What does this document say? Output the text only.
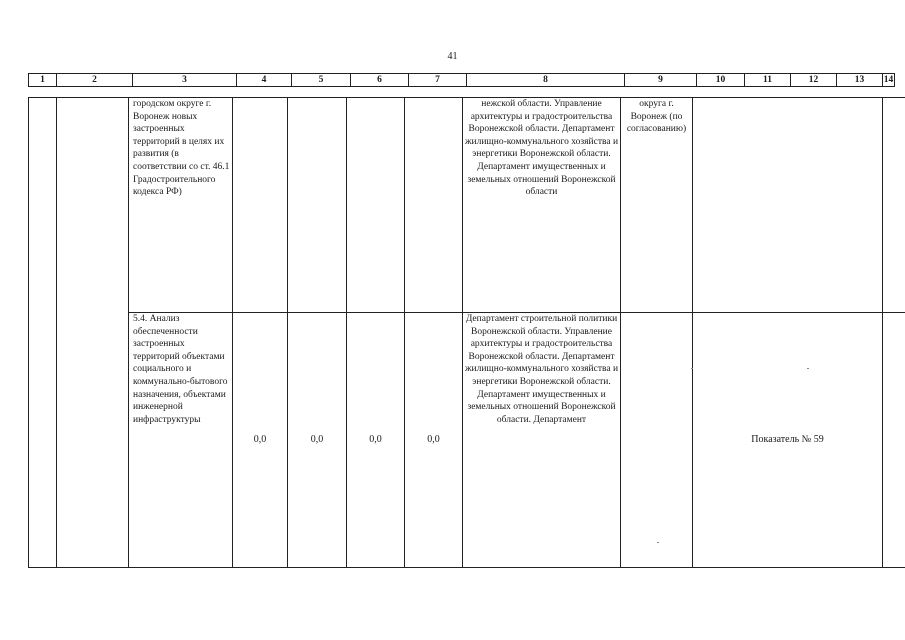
41
1	2	3	4	5	6	7	8	9	10	11	12	13	14
		городском округе г. Воронеж новых застроенных территорий в целях их развития (в соответствии со ст. 46.1 Градостроительного кодекса РФ)					нежской области. Управление архитектуры и градостроительства Воронежской области. Департамент жилищно-коммунального хозяйства и энергетики Воронежской области. Департамент имущественных и земельных отношений Воронежской области	округа г. Воронеж (по согласованию)		
		5.4. Анализ обеспеченности застроенных территорий объектами социального и коммунально-бытового назначения, объектами инженерной инфраструктуры	0,0	0,0	0,0	0,0	Департамент строительной политики Воронежской области. Управление архитектуры и градостроительства Воронежской области. Департамент жилищно-коммунального хозяйства и энергетики Воронежской области. Департамент имущественных и земельных отношений Воронежской области. Департамент		Показатель № 59	
